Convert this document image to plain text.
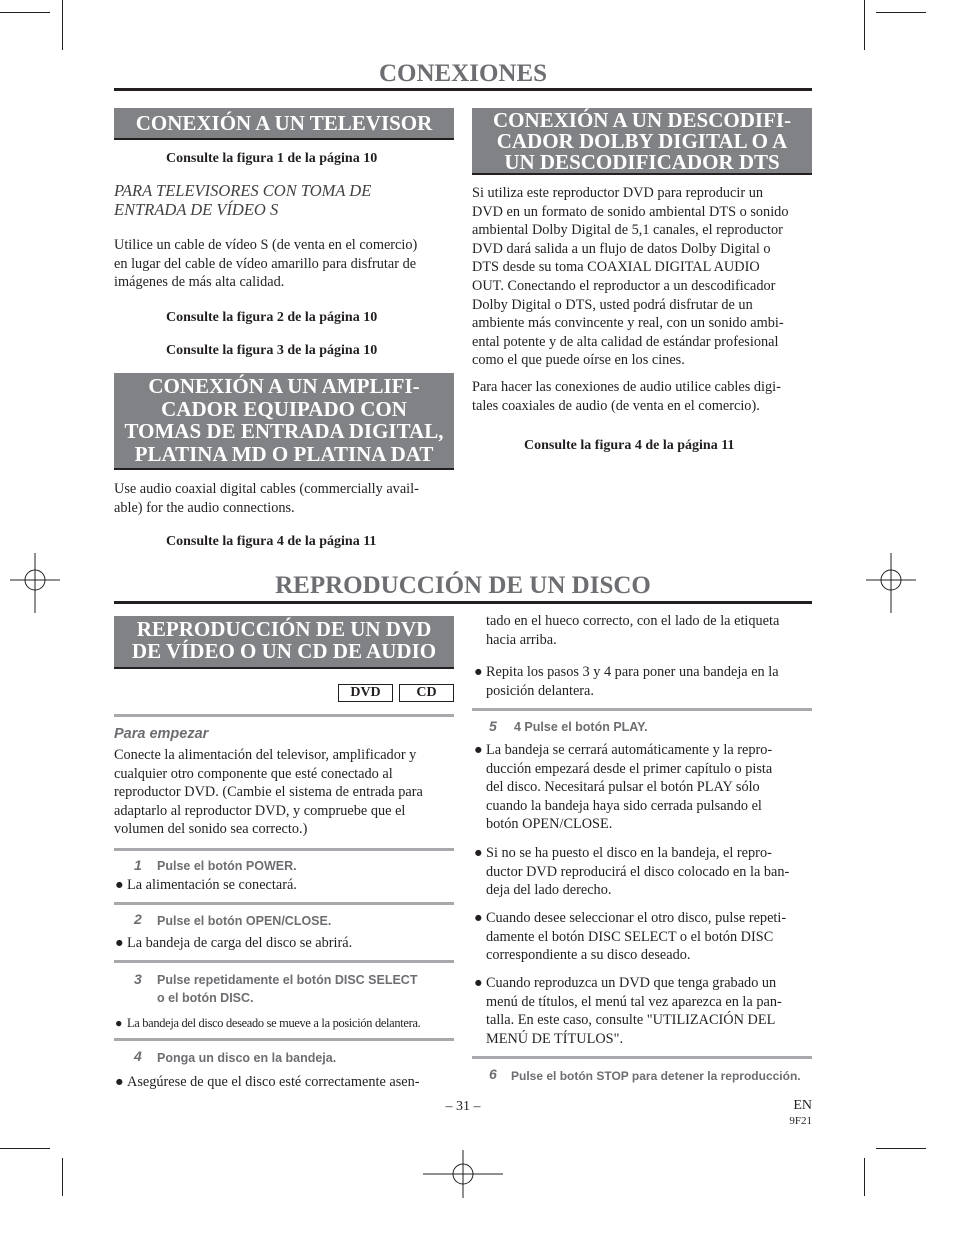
CONEXIONES
CONEXIÓN A UN TELEVISOR
Consulte la figura 1 de la página 10
PARA TELEVISORES CON TOMA DE
ENTRADA DE VÍDEO S
Utilice un cable de vídeo S (de venta en el comercio)
en lugar del cable de vídeo amarillo para disfrutar de
imágenes de más alta calidad.
Consulte la figura 2 de la página 10
Consulte la figura 3 de la página 10
CONEXIÓN A UN AMPLIFI-
CADOR EQUIPADO CON
TOMAS DE ENTRADA DIGITAL,
PLATINA MD O PLATINA DAT
Use audio coaxial digital cables (commercially avail-
able) for the audio connections.
Consulte la figura 4 de la página 11
CONEXIÓN A UN DESCODIFI-
CADOR DOLBY DIGITAL O A
UN DESCODIFICADOR DTS
Si utiliza este reproductor DVD para reproducir un
DVD en un formato de sonido ambiental DTS o sonido
ambiental Dolby Digital de 5,1 canales, el reproductor
DVD dará salida a un flujo de datos Dolby Digital o
DTS desde su toma COAXIAL DIGITAL AUDIO
OUT. Conectando el reproductor a un descodificador
Dolby Digital o DTS, usted podrá disfrutar de un
ambiente más convincente y real, con un sonido ambi-
ental potente y de alta calidad de estándar profesional
como el que puede oírse en los cines.
Para hacer las conexiones de audio utilice cables digi-
tales coaxiales de audio (de venta en el comercio).
Consulte la figura 4 de la página 11
REPRODUCCIÓN DE UN DISCO
REPRODUCCIÓN DE UN DVD
DE VÍDEO O UN CD DE AUDIO
DVD	CD
Para empezar
Conecte la alimentación del televisor, amplificador y
cualquier otro componente que esté conectado al
reproductor DVD. (Cambie el sistema de entrada para
adaptarlo al reproductor DVD, y compruebe que el
volumen del sonido sea correcto.)
1 Pulse el botón POWER.
● La alimentación se conectará.
2 Pulse el botón OPEN/CLOSE.
● La bandeja de carga del disco se abrirá.
3 Pulse repetidamente el botón DISC SELECT
o el botón DISC.
● La bandeja del disco deseado se mueve a la posición delantera.
4 Ponga un disco en la bandeja.
● Asegúrese de que el disco esté correctamente asen-
tado en el hueco correcto, con el lado de la etiqueta
hacia arriba.
● Repita los pasos 3 y 4 para poner una bandeja en la
posición delantera.
5 4 Pulse el botón PLAY.
● La bandeja se cerrará automáticamente y la repro-
ducción empezará desde el primer capítulo o pista
del disco. Necesitará pulsar el botón PLAY sólo
cuando la bandeja haya sido cerrada pulsando el
botón OPEN/CLOSE.
● Si no se ha puesto el disco en la bandeja, el repro-
ductor DVD reproducirá el disco colocado en la ban-
deja del lado derecho.
● Cuando desee seleccionar el otro disco, pulse repeti-
damente el botón DISC SELECT o el botón DISC
correspondiente a su disco deseado.
● Cuando reproduzca un DVD que tenga grabado un
menú de títulos, el menú tal vez aparezca en la pan-
talla. En este caso, consulte "UTILIZACIÓN DEL
MENÚ DE TÍTULOS".
6 Pulse el botón STOP para detener la reproducción.
– 31 –	EN
9F21
